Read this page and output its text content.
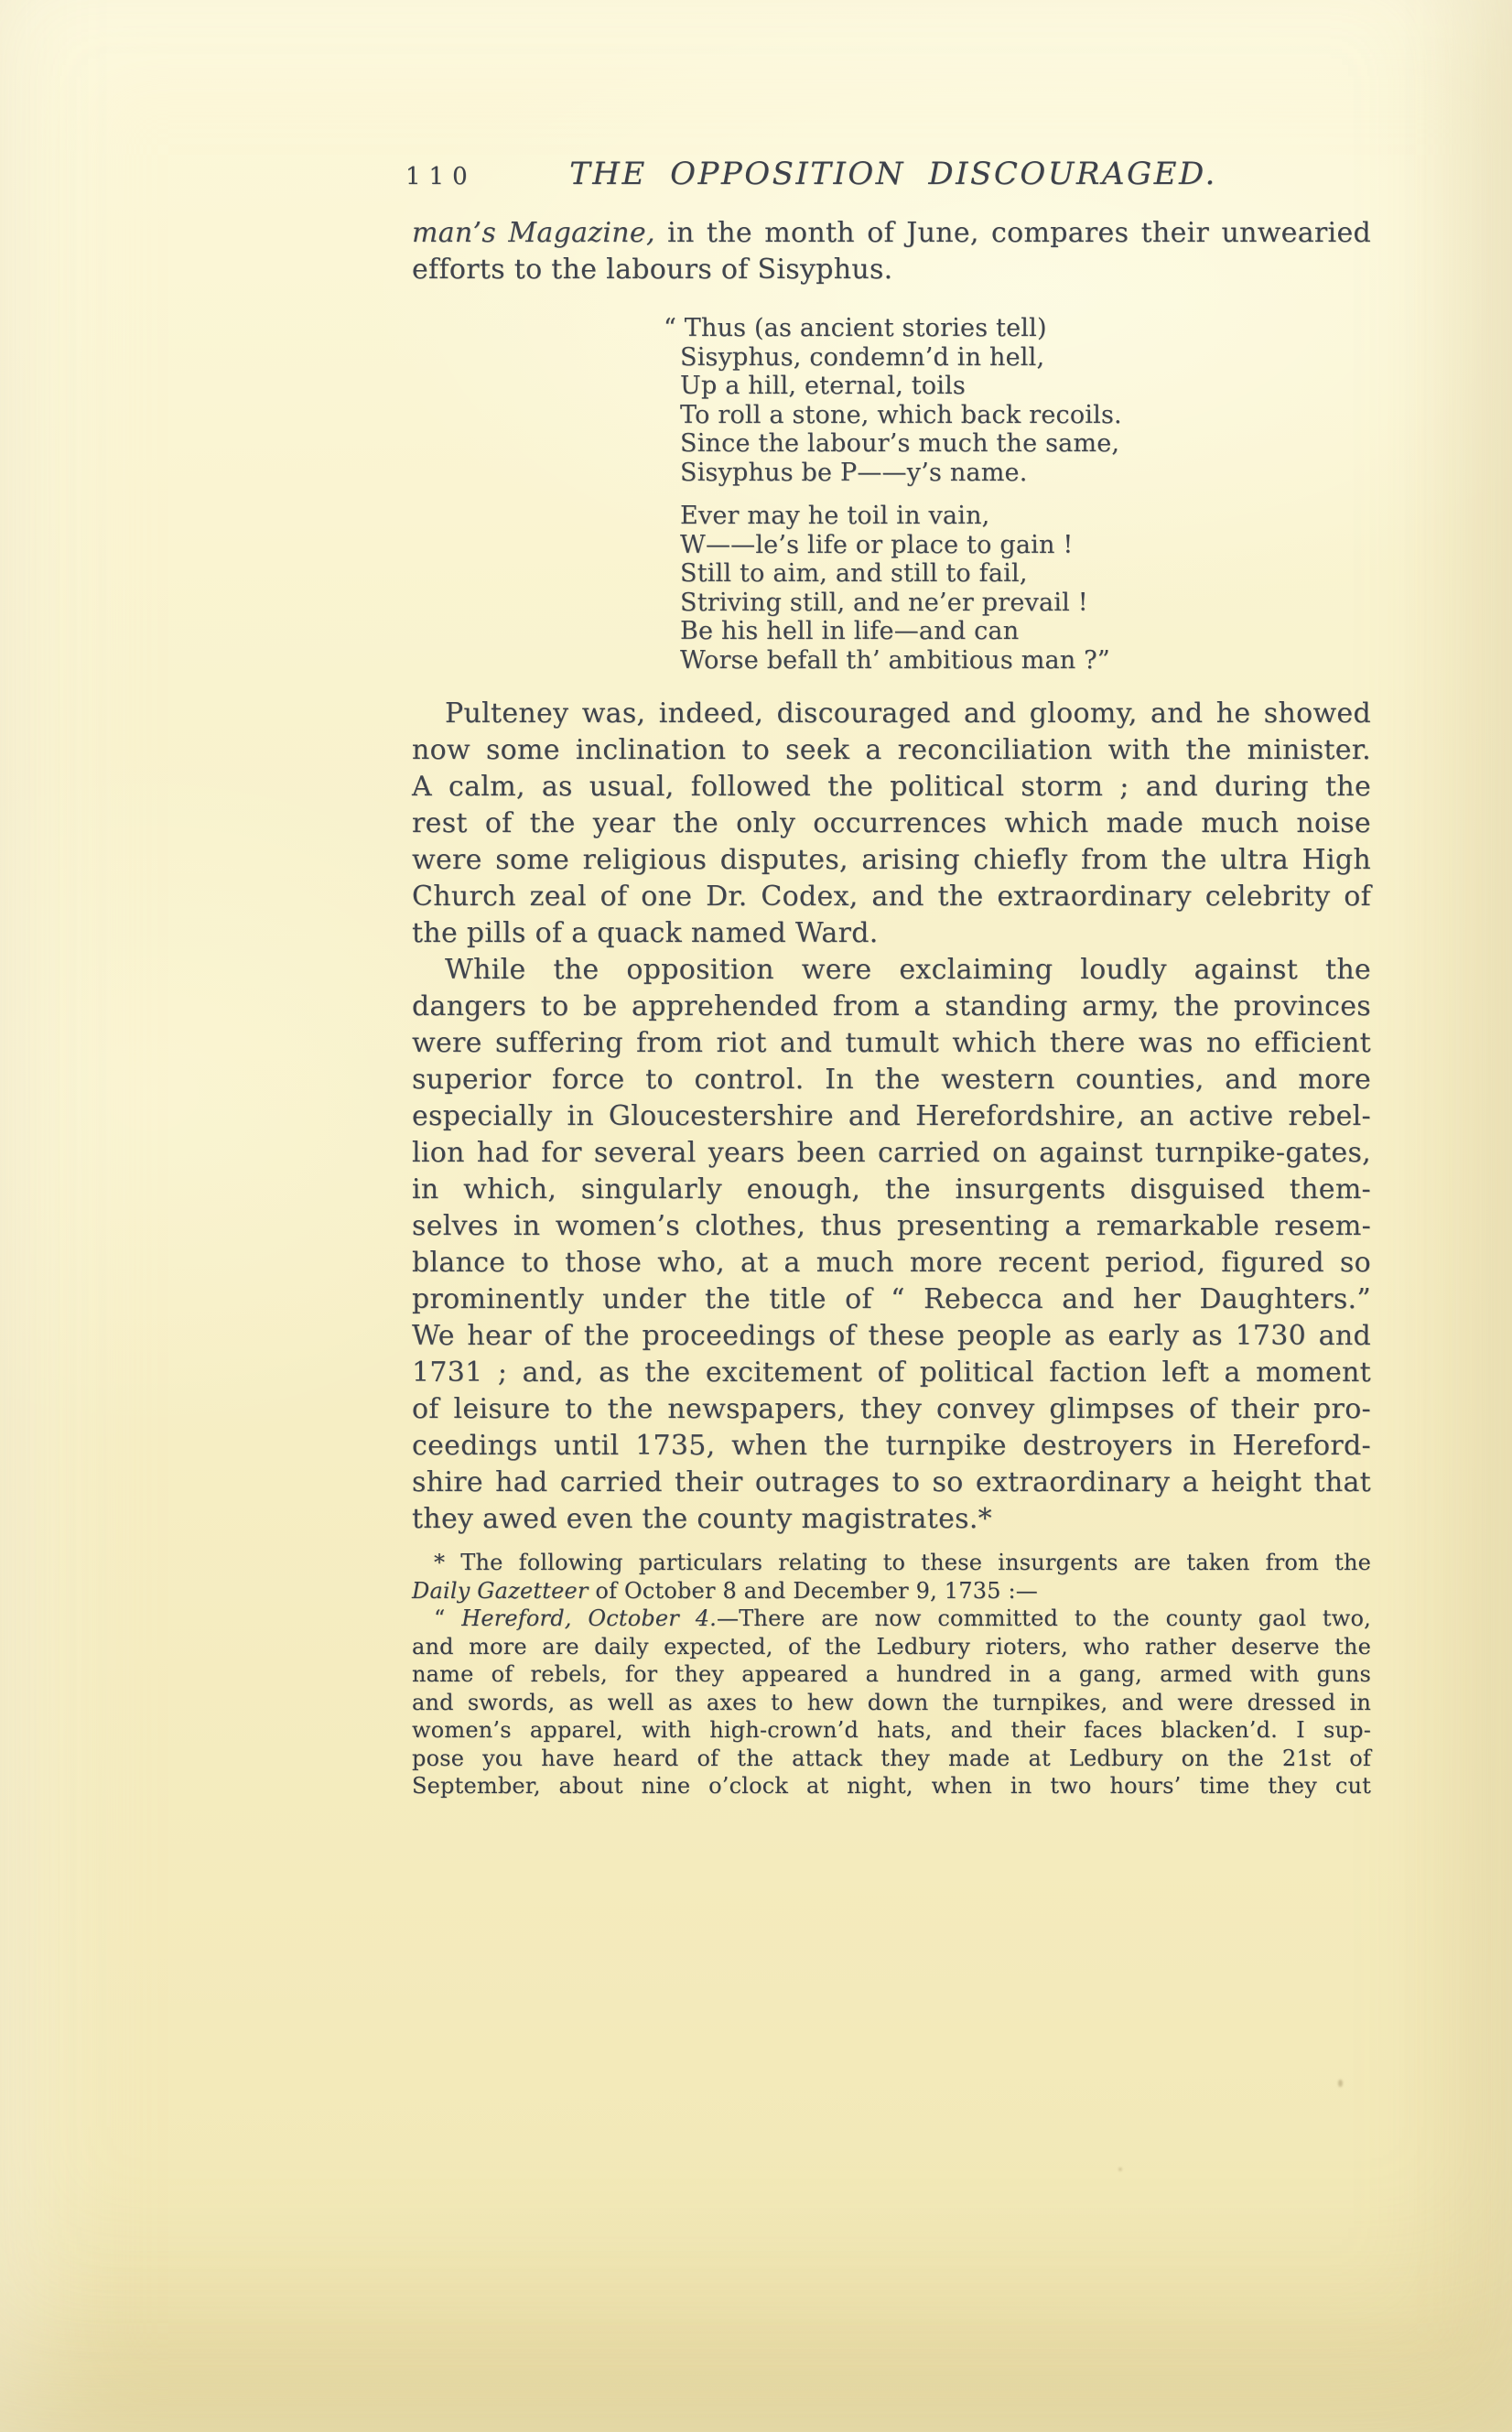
110	THE OPPOSITION DISCOURAGED.
man’s Magazine, in the month of June, compares their unwearied
efforts to the labours of Sisyphus.
“ Thus (as ancient stories tell)
Sisyphus, condemn’d in hell,
Up a hill, eternal, toils
To roll a stone, which back recoils.
Since the labour’s much the same,
Sisyphus be P——y’s name.
Ever may he toil in vain,
W——le’s life or place to gain !
Still to aim, and still to fail,
Striving still, and ne’er prevail !
Be his hell in life—and can
Worse befall th’ ambitious man ?”
Pulteney was, indeed, discouraged and gloomy, and he showed
now some inclination to seek a reconciliation with the minister.
A calm, as usual, followed the political storm ; and during the
rest of the year the only occurrences which made much noise
were some religious disputes, arising chiefly from the ultra High
Church zeal of one Dr. Codex, and the extraordinary celebrity of
the pills of a quack named Ward.
While the opposition were exclaiming loudly against the
dangers to be apprehended from a standing army, the provinces
were suffering from riot and tumult which there was no efficient
superior force to control. In the western counties, and more
especially in Gloucestershire and Herefordshire, an active rebel-
lion had for several years been carried on against turnpike-gates,
in which, singularly enough, the insurgents disguised them-
selves in women’s clothes, thus presenting a remarkable resem-
blance to those who, at a much more recent period, figured so
prominently under the title of “ Rebecca and her Daughters.”
We hear of the proceedings of these people as early as 1730 and
1731 ; and, as the excitement of political faction left a moment
of leisure to the newspapers, they convey glimpses of their pro-
ceedings until 1735, when the turnpike destroyers in Hereford-
shire had carried their outrages to so extraordinary a height that
they awed even the county magistrates.*
* The following particulars relating to these insurgents are taken from the
Daily Gazetteer of October 8 and December 9, 1735 :—
“ Hereford, October 4.—There are now committed to the county gaol two,
and more are daily expected, of the Ledbury rioters, who rather deserve the
name of rebels, for they appeared a hundred in a gang, armed with guns
and swords, as well as axes to hew down the turnpikes, and were dressed in
women’s apparel, with high-crown’d hats, and their faces blacken’d. I sup-
pose you have heard of the attack they made at Ledbury on the 21st of
September, about nine o’clock at night, when in two hours’ time they cut
